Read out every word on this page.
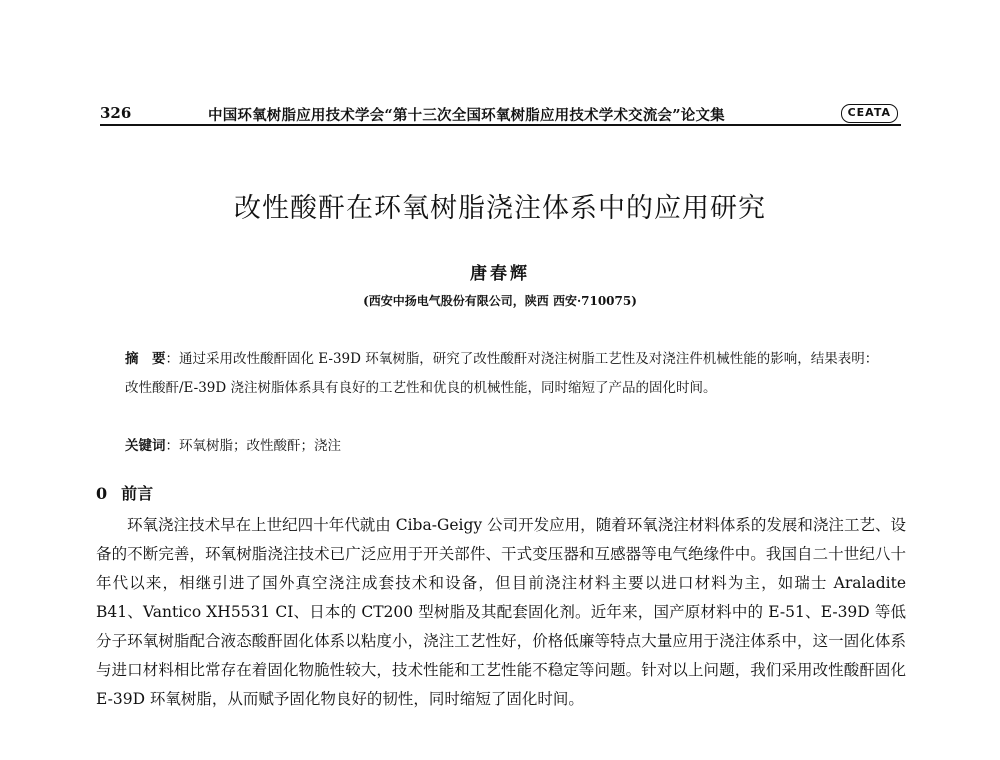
326	中国环氧树脂应用技术学会“第十三次全国环氧树脂应用技术学术交流会”论文集	CEATA
改性酸酐在环氧树脂浇注体系中的应用研究
唐春辉
(西安中扬电气股份有限公司，陕西 西安·710075)
摘　要：通过采用改性酸酐固化 E-39D 环氧树脂，研究了改性酸酐对浇注树脂工艺性及对浇注件机械性能的影响，结果表明：改性酸酐/E-39D 浇注树脂体系具有良好的工艺性和优良的机械性能，同时缩短了产品的固化时间。
关键词：环氧树脂；改性酸酐；浇注
0 前言

环氧浇注技术早在上世纪四十年代就由 Ciba-Geigy 公司开发应用，随着环氧浇注材料体系的发展和浇注工艺、设备的不断完善，环氧树脂浇注技术已广泛应用于开关部件、干式变压器和互感器等电气绝缘件中。我国自二十世纪八十年代以来，相继引进了国外真空浇注成套技术和设备，但目前浇注材料主要以进口材料为主，如瑞士 Araladite B41、Vantico XH5531 CI、日本的 CT200 型树脂及其配套固化剂。近年来，国产原材料中的 E-51、E-39D 等低分子环氧树脂配合液态酸酐固化体系以粘度小，浇注工艺性好，价格低廉等特点大量应用于浇注体系中，这一固化体系与进口材料相比常存在着固化物脆性较大，技术性能和工艺性能不稳定等问题。针对以上问题，我们采用改性酸酐固化 E-39D 环氧树脂，从而赋予固化物良好的韧性，同时缩短了固化时间。
